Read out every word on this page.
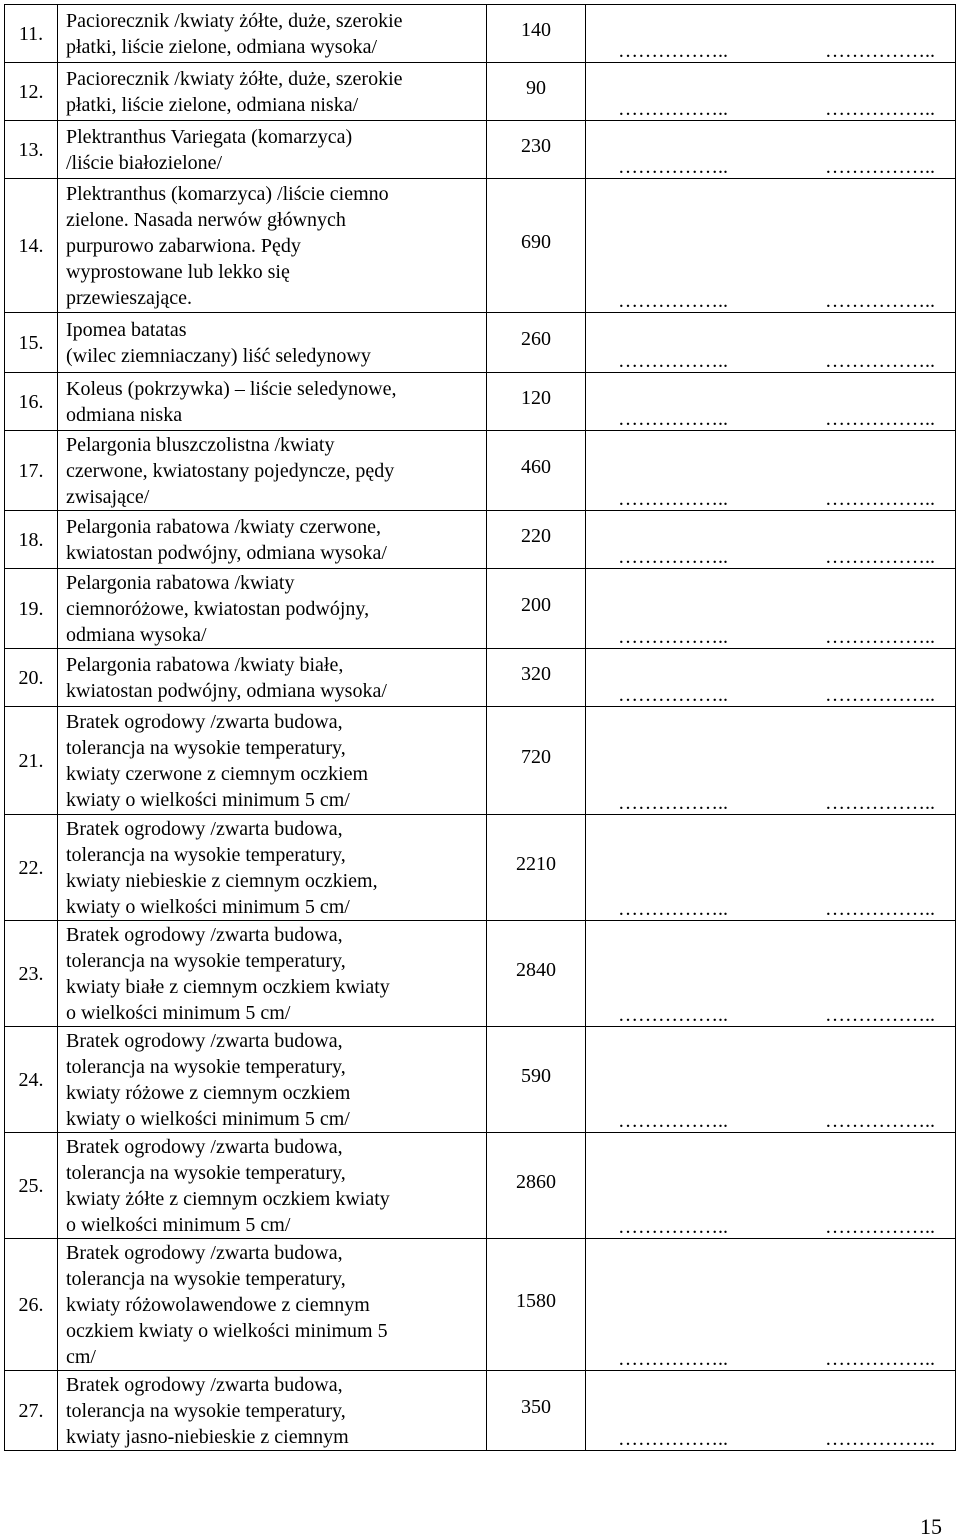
11.	Paciorecznik /kwiaty żółte, duże, szerokie
płatki, liście zielone, odmiana wysoka/	140	…………….. ……………..

12.	Paciorecznik /kwiaty żółte, duże, szerokie
płatki, liście zielone, odmiana niska/	90	…………….. ……………..

13.	Plektranthus Variegata (komarzyca)
/liście białozielone/	230	…………….. ……………..

14.	Plektranthus (komarzyca) /liście ciemno
zielone. Nasada nerwów głównych
purpurowo zabarwiona. Pędy
wyprostowane lub lekko się
przewieszające.	690	…………….. ……………..

15.	Ipomea batatas
(wilec ziemniaczany) liść seledynowy	260	…………….. ……………..

16.	Koleus (pokrzywka) – liście seledynowe,
odmiana niska	120	…………….. ……………..

17.	Pelargonia bluszczolistna /kwiaty
czerwone, kwiatostany pojedyncze, pędy
zwisające/	460	…………….. ……………..

18.	Pelargonia rabatowa /kwiaty czerwone,
kwiatostan podwójny, odmiana wysoka/	220	…………….. ……………..

19.	Pelargonia rabatowa /kwiaty
ciemnoróżowe, kwiatostan podwójny,
odmiana wysoka/	200	…………….. ……………..

20.	Pelargonia rabatowa /kwiaty białe,
kwiatostan podwójny, odmiana wysoka/	320	…………….. ……………..

21.	Bratek ogrodowy /zwarta budowa,
tolerancja na wysokie temperatury,
kwiaty czerwone z ciemnym oczkiem
kwiaty o wielkości minimum 5 cm/	720	…………….. ……………..

22.	Bratek ogrodowy /zwarta budowa,
tolerancja na wysokie temperatury,
kwiaty niebieskie z ciemnym oczkiem,
kwiaty o wielkości minimum 5 cm/	2210	…………….. ……………..

23.	Bratek ogrodowy /zwarta budowa,
tolerancja na wysokie temperatury,
kwiaty białe z ciemnym oczkiem kwiaty
o wielkości minimum 5 cm/	2840	…………….. ……………..

24.	Bratek ogrodowy /zwarta budowa,
tolerancja na wysokie temperatury,
kwiaty różowe z ciemnym oczkiem
kwiaty o wielkości minimum 5 cm/	590	…………….. ……………..

25.	Bratek ogrodowy /zwarta budowa,
tolerancja na wysokie temperatury,
kwiaty żółte z ciemnym oczkiem kwiaty
o wielkości minimum 5 cm/	2860	…………….. ……………..

26.	Bratek ogrodowy /zwarta budowa,
tolerancja na wysokie temperatury,
kwiaty różowolawendowe z ciemnym
oczkiem kwiaty o wielkości minimum 5
cm/	1580	…………….. ……………..

27.	Bratek ogrodowy /zwarta budowa,
tolerancja na wysokie temperatury,
kwiaty jasno-niebieskie z ciemnym	350	…………….. ……………..
15
